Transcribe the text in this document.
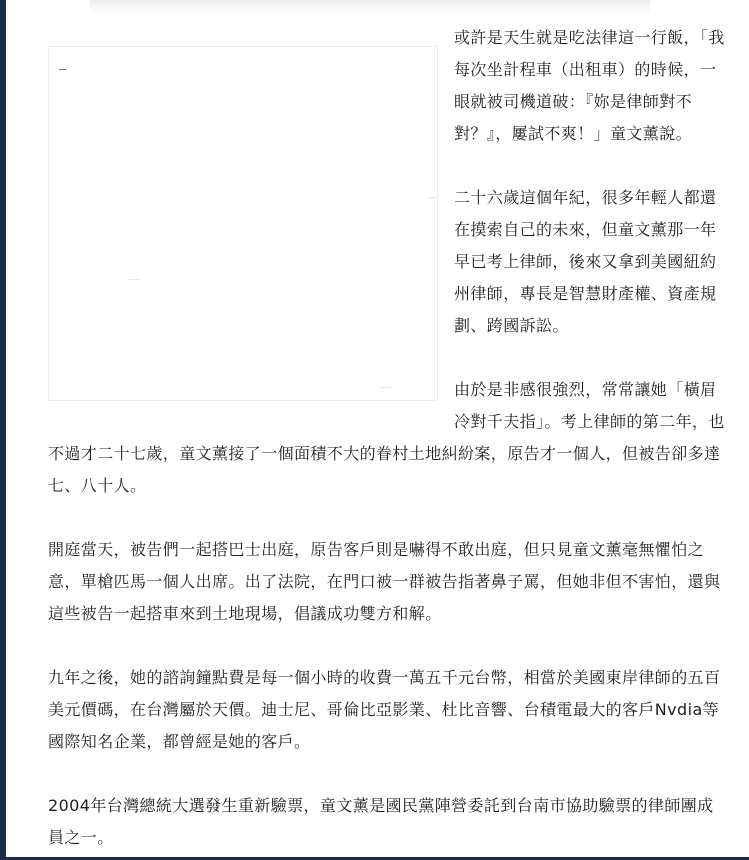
或許是天生就是吃法律這一行飯，「我每次坐計程車（出租車）的時候，一眼就被司機道破：『妳是律師對不對？』，屢試不爽！」童文薰說。

二十六歲這個年紀，很多年輕人都還在摸索自己的未來，但童文薰那一年早已考上律師，後來又拿到美國紐約州律師，專長是智慧財產權、資產規劃、跨國訴訟。

由於是非感很強烈，常常讓她「橫眉冷對千夫指」。考上律師的第二年，也不過才二十七歲，童文薰接了一個面積不大的眷村土地糾紛案，原告才一個人，但被告卻多達七、八十人。

開庭當天，被告們一起搭巴士出庭，原告客戶則是嚇得不敢出庭，但只見童文薰毫無懼怕之意，單槍匹馬一個人出席。出了法院，在門口被一群被告指著鼻子罵，但她非但不害怕，還與這些被告一起搭車來到土地現場，倡議成功雙方和解。

九年之後，她的諮詢鐘點費是每一個小時的收費一萬五千元台幣，相當於美國東岸律師的五百美元價碼，在台灣屬於天價。迪士尼、哥倫比亞影業、杜比音響、台積電最大的客戶Nvdia等國際知名企業，都曾經是她的客戶。

2004年台灣總統大選發生重新驗票，童文薰是國民黨陣營委託到台南市協助驗票的律師團成員之一。
